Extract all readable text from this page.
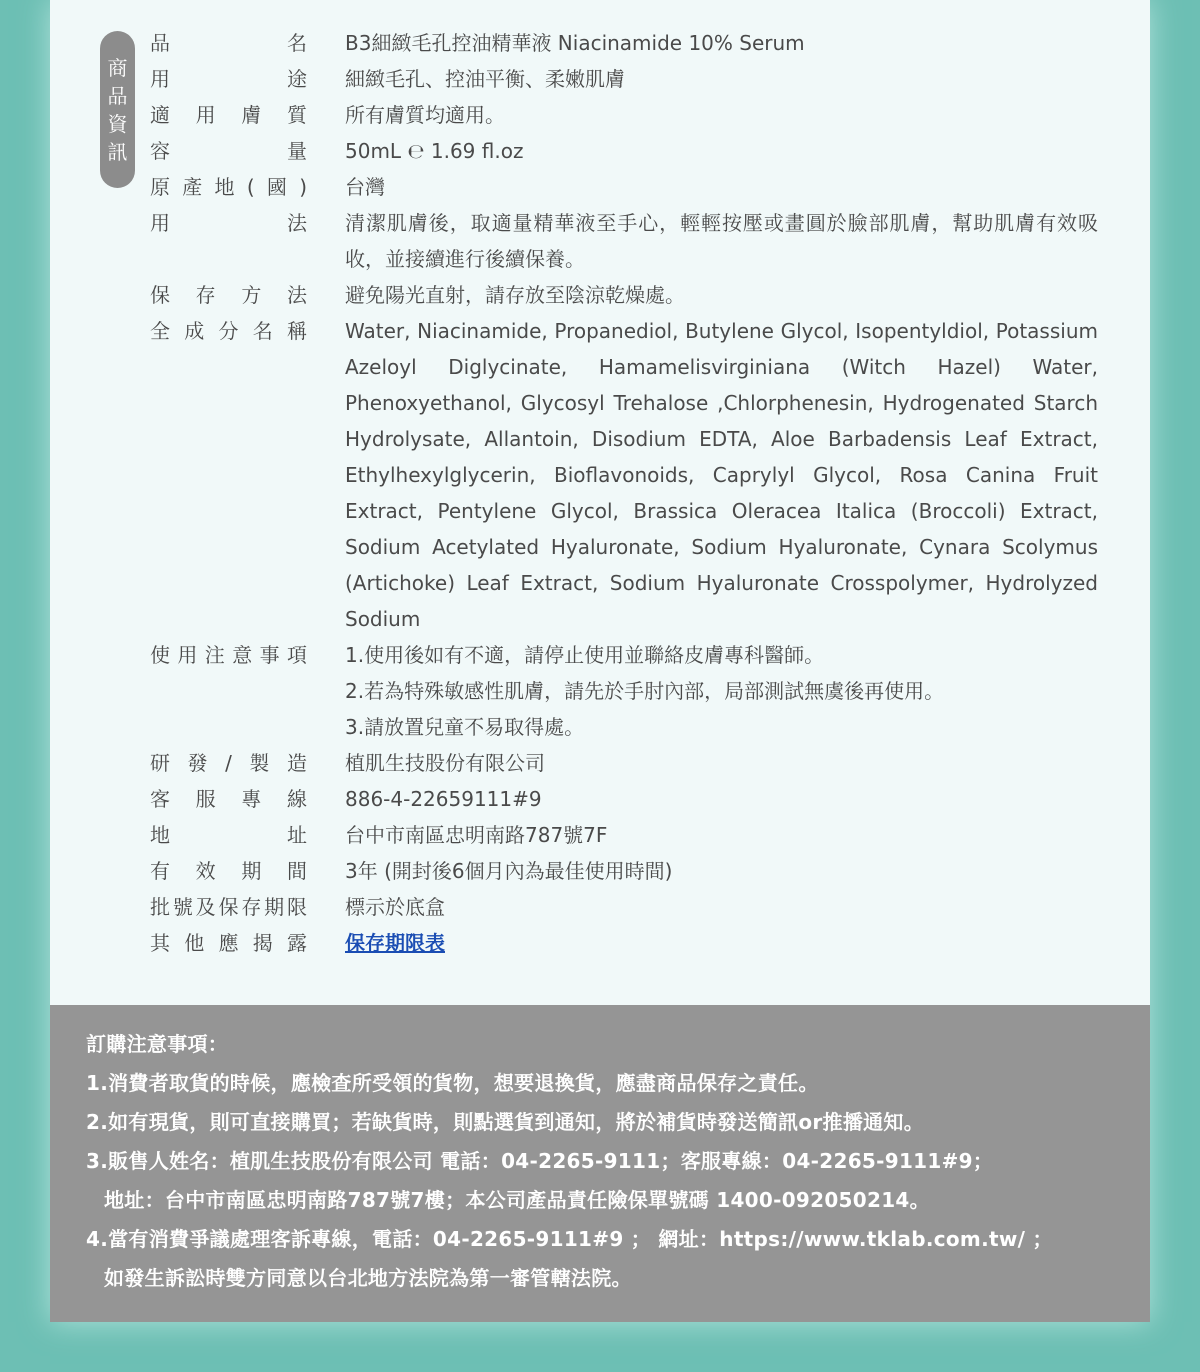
商
品
資
訊
品名 B3細緻毛孔控油精華液 Niacinamide 10% Serum
用途 細緻毛孔、控油平衡、柔嫩肌膚
適用膚質 所有膚質均適用。
容量 50mL ℮ 1.69 fl.oz
原產地(國) 台灣
用法 清潔肌膚後，取適量精華液至手心，輕輕按壓或畫圓於臉部肌膚，幫助肌膚有效吸收，並接續進行後續保養。
保存方法 避免陽光直射，請存放至陰涼乾燥處。
全成分名稱 Water, Niacinamide, Propanediol, Butylene Glycol, Isopentyldiol, Potassium Azeloyl Diglycinate, Hamamelisvirginiana (Witch Hazel) Water, Phenoxyethanol, Glycosyl Trehalose ,Chlorphenesin, Hydrogenated Starch Hydrolysate, Allantoin, Disodium EDTA, Aloe Barbadensis Leaf Extract, Ethylhexylglycerin, Bioflavonoids, Caprylyl Glycol, Rosa Canina Fruit Extract, Pentylene Glycol, Brassica Oleracea Italica (Broccoli) Extract, Sodium Acetylated Hyaluronate, Sodium Hyaluronate, Cynara Scolymus (Artichoke) Leaf Extract, Sodium Hyaluronate Crosspolymer, Hydrolyzed Sodium
使用注意事項 1.使用後如有不適，請停止使用並聯絡皮膚專科醫師。
2.若為特殊敏感性肌膚，請先於手肘內部，局部測試無虞後再使用。
3.請放置兒童不易取得處。
研發/製造 植肌生技股份有限公司
客服專線 886-4-22659111#9
地址 台中市南區忠明南路787號7F
有效期間 3年 (開封後6個月內為最佳使用時間)
批號及保存期限 標示於底盒
其他應揭露 保存期限表
訂購注意事項：
1.消費者取貨的時候，應檢查所受領的貨物，想要退換貨，應盡商品保存之責任。
2.如有現貨，則可直接購買；若缺貨時，則點選貨到通知，將於補貨時發送簡訊or推播通知。
3.販售人姓名：植肌生技股份有限公司 電話：04-2265-9111；客服專線：04-2265-9111#9；
地址：台中市南區忠明南路787號7樓；本公司產品責任險保單號碼 1400-092050214。
4.當有消費爭議處理客訴專線，電話：04-2265-9111#9 ； 網址：https://www.tklab.com.tw/ ；
如發生訴訟時雙方同意以台北地方法院為第一審管轄法院。
